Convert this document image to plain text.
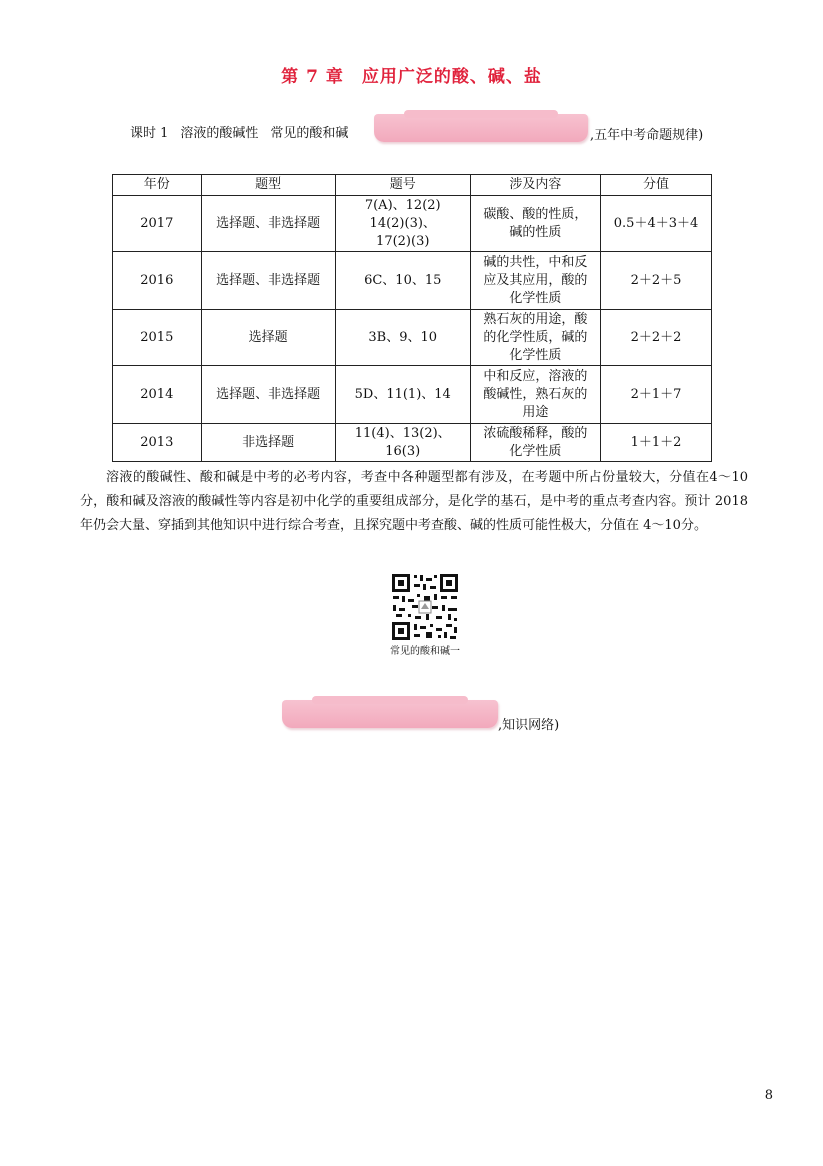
第 7 章 应用广泛的酸、碱、盐
课时 1 溶液的酸碱性 常见的酸和碱	,五年中考命题规律)
年份	题型	题号	涉及内容	分值
2017	选择题、非选择题	7(A)、12(2)
14(2)(3)、
17(2)(3)	碳酸、酸的性质，
碱的性质	0.5＋4＋3＋4
2016	选择题、非选择题	6C、10、15	碱的共性，中和反
应及其应用，酸的
化学性质	2＋2＋5
2015	选择题	3B、9、10	熟石灰的用途，酸
的化学性质，碱的
化学性质	2＋2＋2
2014	选择题、非选择题	5D、11(1)、14	中和反应，溶液的
酸碱性，熟石灰的
用途	2＋1＋7
2013	非选择题	11(4)、13(2)、
16(3)	浓硫酸稀释，酸的
化学性质	1＋1＋2
溶液的酸碱性、酸和碱是中考的必考内容，考查中各种题型都有涉及，在考题中所占份量较大，分值在4～10分，酸和碱及溶液的酸碱性等内容是初中化学的重要组成部分，是化学的基石，是中考的重点考查内容。预计 2018 年仍会大量、穿插到其他知识中进行综合考查，且探究题中考查酸、碱的性质可能性极大，分值在 4～10分。
常见的酸和碱一
,知识网络)
8
